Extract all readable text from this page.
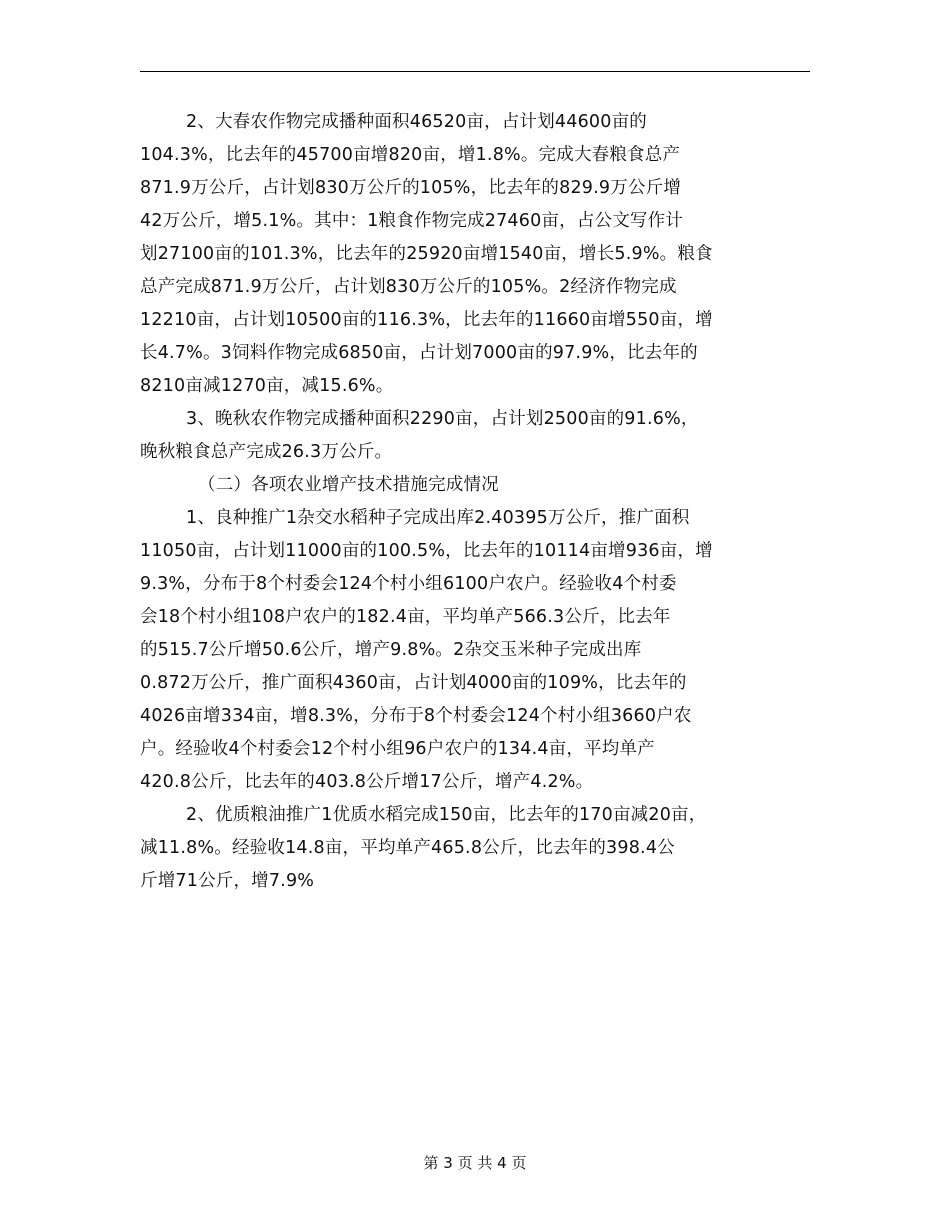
2、大春农作物完成播种面积46520亩，占计划44600亩的
104.3%，比去年的45700亩增820亩，增1.8%。完成大春粮食总产
871.9万公斤，占计划830万公斤的105%，比去年的829.9万公斤增
42万公斤，增5.1%。其中：1粮食作物完成27460亩，占公文写作计
划27100亩的101.3%，比去年的25920亩增1540亩，增长5.9%。粮食
总产完成871.9万公斤，占计划830万公斤的105%。2经济作物完成
12210亩，占计划10500亩的116.3%，比去年的11660亩增550亩，增
长4.7%。3饲料作物完成6850亩，占计划7000亩的97.9%，比去年的
8210亩减1270亩，减15.6%。
3、晚秋农作物完成播种面积2290亩，占计划2500亩的91.6%，
晚秋粮食总产完成26.3万公斤。
（二）各项农业增产技术措施完成情况
1、良种推广1杂交水稻种子完成出库2.40395万公斤，推广面积
11050亩，占计划11000亩的100.5%，比去年的10114亩增936亩，增
9.3%，分布于8个村委会124个村小组6100户农户。经验收4个村委
会18个村小组108户农户的182.4亩，平均单产566.3公斤，比去年
的515.7公斤增50.6公斤，增产9.8%。2杂交玉米种子完成出库
0.872万公斤，推广面积4360亩，占计划4000亩的109%，比去年的
4026亩增334亩，增8.3%，分布于8个村委会124个村小组3660户农
户。经验收4个村委会12个村小组96户农户的134.4亩，平均单产
420.8公斤，比去年的403.8公斤增17公斤，增产4.2%。
2、优质粮油推广1优质水稻完成150亩，比去年的170亩减20亩，
减11.8%。经验收14.8亩，平均单产465.8公斤，比去年的398.4公
斤增71公斤，增7.9%
第 3 页 共 4 页
